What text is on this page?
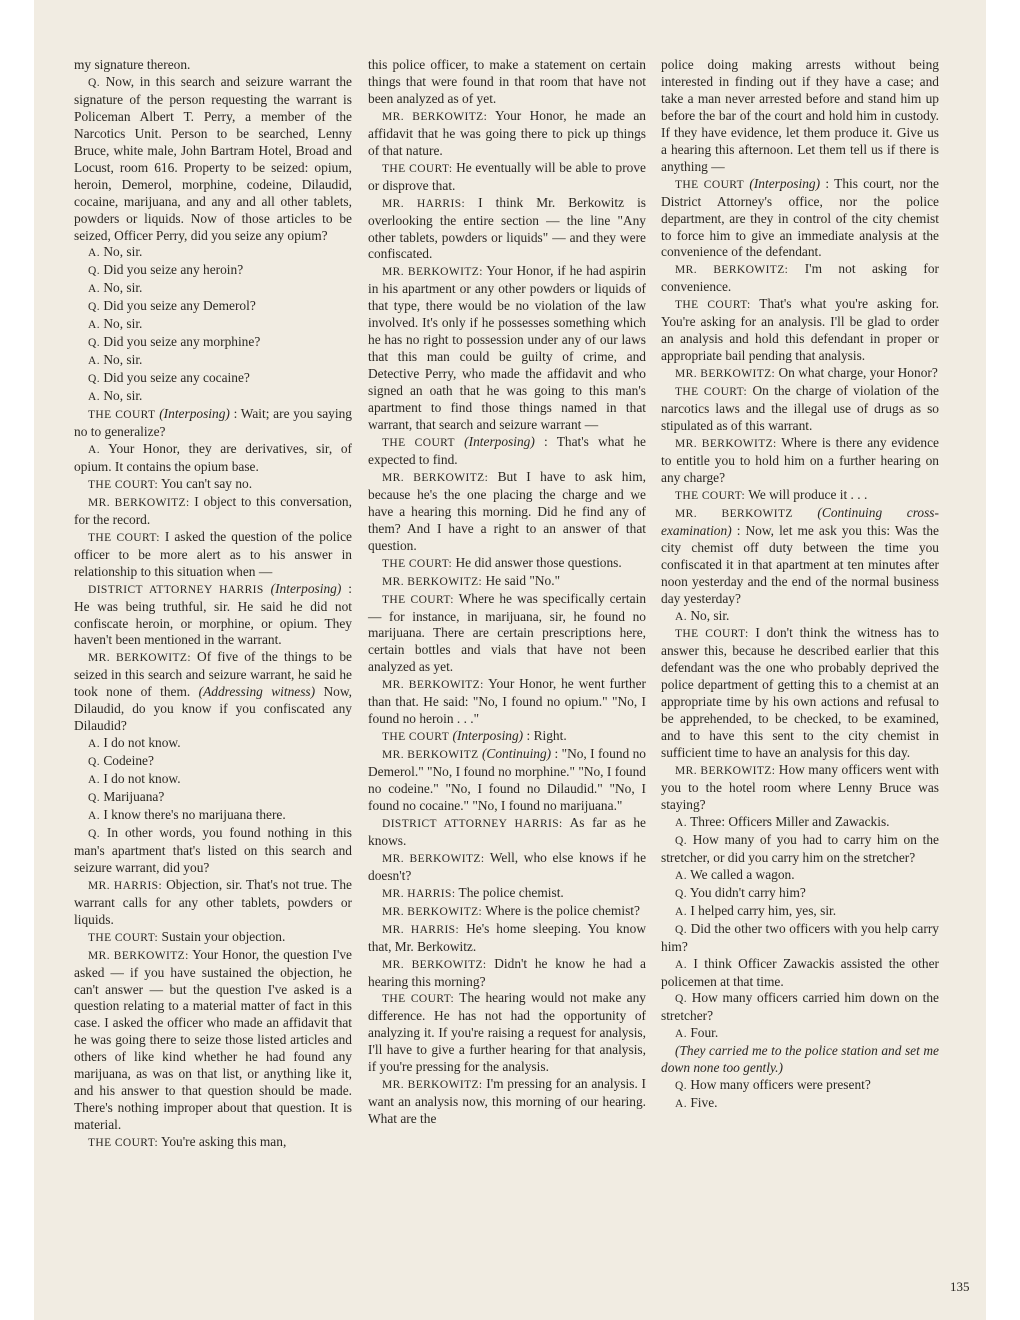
my signature thereon.

Q. Now, in this search and seizure warrant the signature of the person requesting the warrant is Policeman Albert T. Perry, a member of the Narcotics Unit. Person to be searched, Lenny Bruce, white male, John Bartram Hotel, Broad and Locust, room 616. Property to be seized: opium, heroin, Demerol, morphine, codeine, Dilaudid, cocaine, marijuana, and any and all other tablets, powders or liquids. Now of those articles to be seized, Officer Perry, did you seize any opium?

A. No, sir.

Q. Did you seize any heroin?

A. No, sir.

Q. Did you seize any Demerol?

A. No, sir.

Q. Did you seize any morphine?

A. No, sir.

Q. Did you seize any cocaine?

A. No, sir.

THE COURT (Interposing) : Wait; are you saying no to generalize?

A. Your Honor, they are derivatives, sir, of opium. It contains the opium base.

THE COURT: You can't say no.

MR. BERKOWITZ: I object to this conversation, for the record.

THE COURT: I asked the question of the police officer to be more alert as to his answer in relationship to this situation when —

DISTRICT ATTORNEY HARRIS (Interposing) : He was being truthful, sir. He said he did not confiscate heroin, or morphine, or opium. They haven't been mentioned in the warrant.

MR. BERKOWITZ: Of five of the things to be seized in this search and seizure warrant, he said he took none of them. (Addressing witness) Now, Dilaudid, do you know if you confiscated any Dilaudid?

A. I do not know.

Q. Codeine?

A. I do not know.

Q. Marijuana?

A. I know there's no marijuana there.

Q. In other words, you found nothing in this man's apartment that's listed on this search and seizure warrant, did you?

MR. HARRIS: Objection, sir. That's not true. The warrant calls for any other tablets, powders or liquids.

THE COURT: Sustain your objection.

MR. BERKOWITZ: Your Honor, the question I've asked — if you have sustained the objection, he can't answer — but the question I've asked is a question relating to a material matter of fact in this case. I asked the officer who made an affidavit that he was going there to seize those listed articles and others of like kind whether he had found any marijuana, as was on that list, or anything like it, and his answer to that question should be made. There's nothing improper about that question. It is material.

THE COURT: You're asking this man,

this police officer, to make a statement on certain things that were found in that room that have not been analyzed as of yet.

MR. BERKOWITZ: Your Honor, he made an affidavit that he was going there to pick up things of that nature.

THE COURT: He eventually will be able to prove or disprove that.

MR. HARRIS: I think Mr. Berkowitz is overlooking the entire section — the line "Any other tablets, powders or liquids" — and they were confiscated.

MR. BERKOWITZ: Your Honor, if he had aspirin in his apartment or any other powders or liquids of that type, there would be no violation of the law involved. It's only if he possesses something which he has no right to possession under any of our laws that this man could be guilty of crime, and Detective Perry, who made the affidavit and who signed an oath that he was going to this man's apartment to find those things named in that warrant, that search and seizure warrant —

THE COURT (Interposing) : That's what he expected to find.

MR. BERKOWITZ: But I have to ask him, because he's the one placing the charge and we have a hearing this morning. Did he find any of them? And I have a right to an answer of that question.

THE COURT: He did answer those questions.

MR. BERKOWITZ: He said "No."

THE COURT: Where he was specifically certain — for instance, in marijuana, sir, he found no marijuana. There are certain prescriptions here, certain bottles and vials that have not been analyzed as yet.

MR. BERKOWITZ: Your Honor, he went further than that. He said: "No, I found no opium." "No, I found no heroin . . ."

THE COURT (Interposing) : Right.

MR. BERKOWITZ (Continuing) : "No, I found no Demerol." "No, I found no morphine." "No, I found no codeine." "No, I found no Dilaudid." "No, I found no cocaine." "No, I found no marijuana."

DISTRICT ATTORNEY HARRIS: As far as he knows.

MR. BERKOWITZ: Well, who else knows if he doesn't?

MR. HARRIS: The police chemist.

MR. BERKOWITZ: Where is the police chemist?

MR. HARRIS: He's home sleeping. You know that, Mr. Berkowitz.

MR. BERKOWITZ: Didn't he know he had a hearing this morning?

THE COURT: The hearing would not make any difference. He has not had the opportunity of analyzing it. If you're raising a request for analysis, I'll have to give a further hearing for that analysis, if you're pressing for the analysis.

MR. BERKOWITZ: I'm pressing for an analysis. I want an analysis now, this morning of our hearing. What are the

police doing making arrests without being interested in finding out if they have a case; and take a man never arrested before and stand him up before the bar of the court and hold him in custody. If they have evidence, let them produce it. Give us a hearing this afternoon. Let them tell us if there is anything —

THE COURT (Interposing) : This court, nor the District Attorney's office, nor the police department, are they in control of the city chemist to force him to give an immediate analysis at the convenience of the defendant.

MR. BERKOWITZ: I'm not asking for convenience.

THE COURT: That's what you're asking for. You're asking for an analysis. I'll be glad to order an analysis and hold this defendant in proper or appropriate bail pending that analysis.

MR. BERKOWITZ: On what charge, your Honor?

THE COURT: On the charge of violation of the narcotics laws and the illegal use of drugs as so stipulated as of this warrant.

MR. BERKOWITZ: Where is there any evidence to entitle you to hold him on a further hearing on any charge?

THE COURT: We will produce it . . .

MR. BERKOWITZ (Continuing cross-examination) : Now, let me ask you this: Was the city chemist off duty between the time you confiscated it in that apartment at ten minutes after noon yesterday and the end of the normal business day yesterday?

A. No, sir.

THE COURT: I don't think the witness has to answer this, because he described earlier that this defendant was the one who probably deprived the police department of getting this to a chemist at an appropriate time by his own actions and refusal to be apprehended, to be checked, to be examined, and to have this sent to the city chemist in sufficient time to have an analysis for this day.

MR. BERKOWITZ: How many officers went with you to the hotel room where Lenny Bruce was staying?

A. Three: Officers Miller and Zawackis.

Q. How many of you had to carry him on the stretcher, or did you carry him on the stretcher?

A. We called a wagon.

Q. You didn't carry him?

A. I helped carry him, yes, sir.

Q. Did the other two officers with you help carry him?

A. I think Officer Zawackis assisted the other policemen at that time.

Q. How many officers carried him down on the stretcher?

A. Four.

(They carried me to the police station and set me down none too gently.)

Q. How many officers were present?

A. Five.

135
